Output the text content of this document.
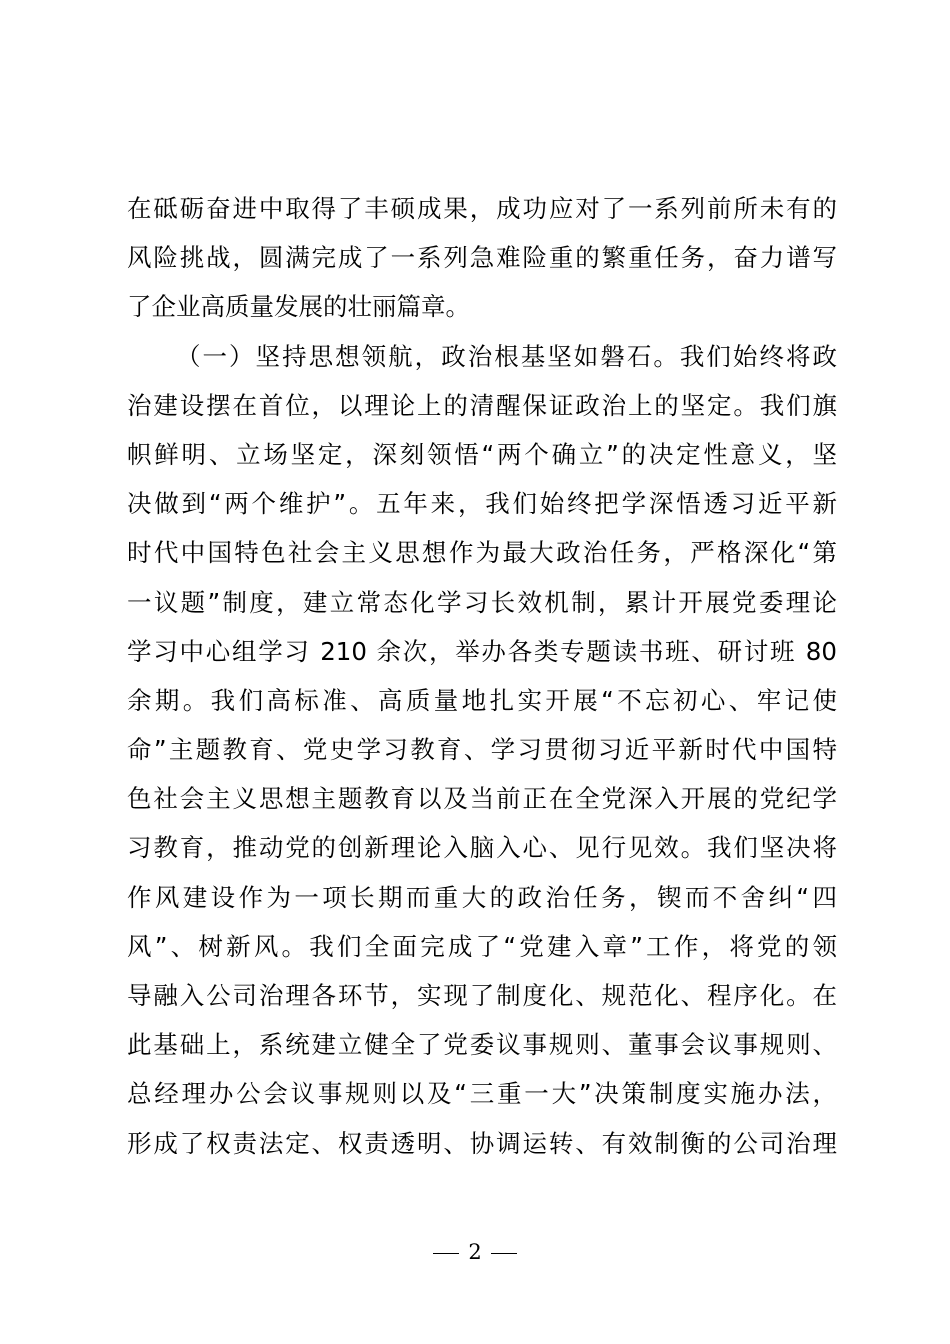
在砥砺奋进中取得了丰硕成果，成功应对了一系列前所未有的
风险挑战，圆满完成了一系列急难险重的繁重任务，奋力谱写
了企业高质量发展的壮丽篇章。
（一）坚持思想领航，政治根基坚如磐石。我们始终将政
治建设摆在首位，以理论上的清醒保证政治上的坚定。我们旗
帜鲜明、立场坚定，深刻领悟“两个确立”的决定性意义，坚
决做到“两个维护”。五年来，我们始终把学深悟透习近平新
时代中国特色社会主义思想作为最大政治任务，严格深化“第
一议题”制度，建立常态化学习长效机制，累计开展党委理论
学习中心组学习 210 余次，举办各类专题读书班、研讨班 80
余期。我们高标准、高质量地扎实开展“不忘初心、牢记使
命”主题教育、党史学习教育、学习贯彻习近平新时代中国特
色社会主义思想主题教育以及当前正在全党深入开展的党纪学
习教育，推动党的创新理论入脑入心、见行见效。我们坚决将
作风建设作为一项长期而重大的政治任务，锲而不舍纠“四
风”、树新风。我们全面完成了“党建入章”工作，将党的领
导融入公司治理各环节，实现了制度化、规范化、程序化。在
此基础上，系统建立健全了党委议事规则、董事会议事规则、
总经理办公会议事规则以及“三重一大”决策制度实施办法，
形成了权责法定、权责透明、协调运转、有效制衡的公司治理
2
